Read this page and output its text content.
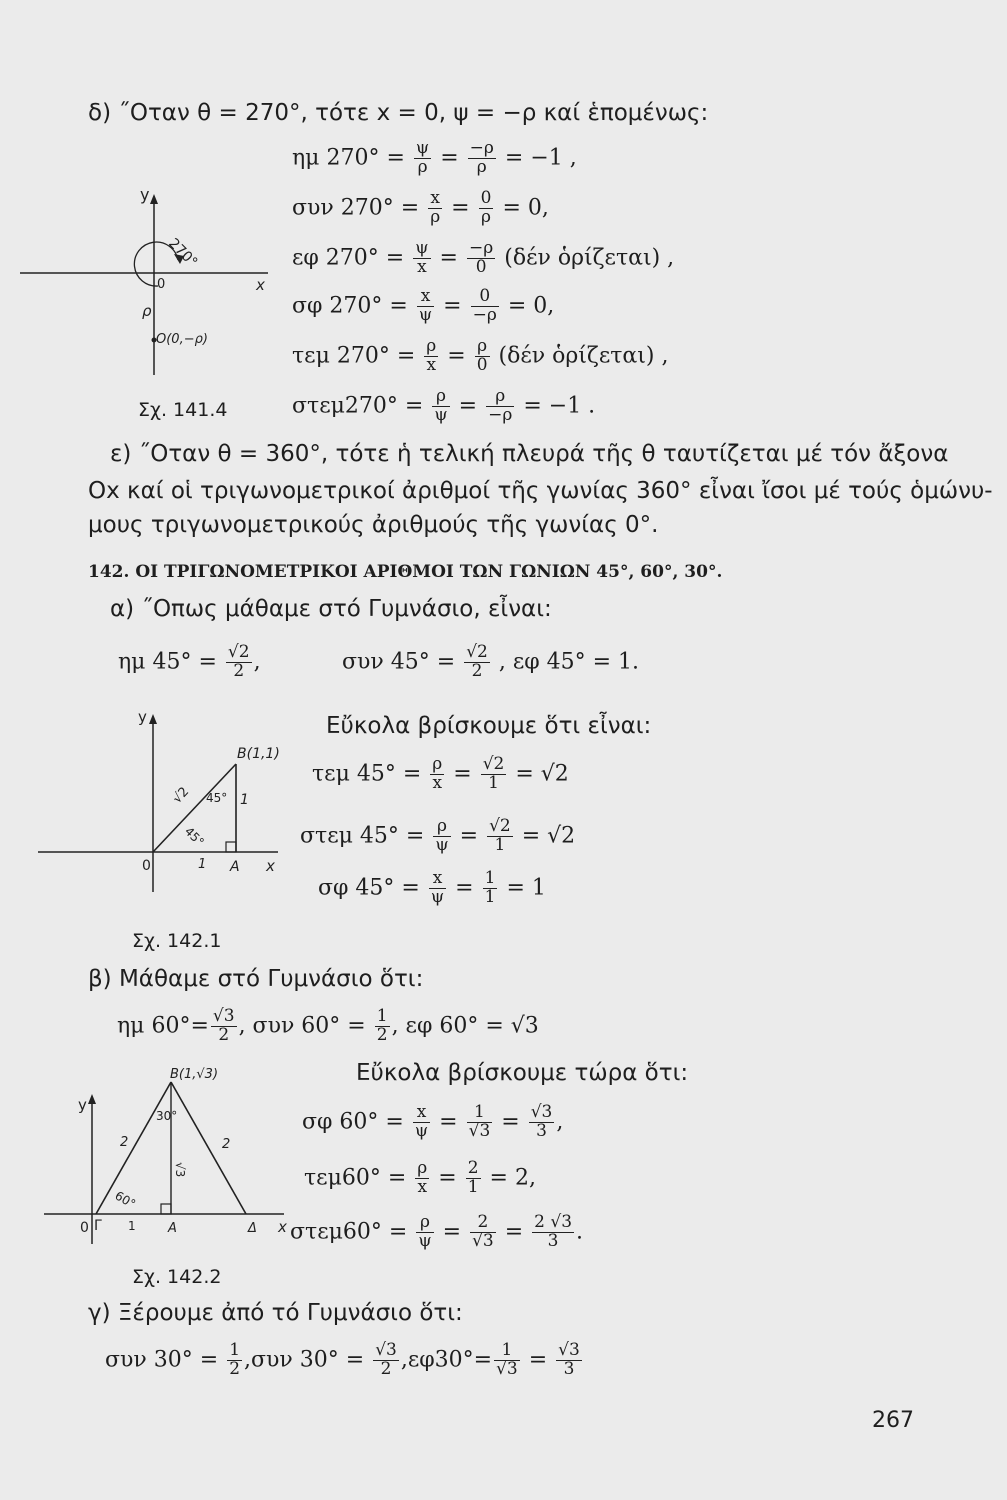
δ) ˝Οταν θ = 270°, τότε x = 0, ψ = −ρ καί ἑπομένως:
ημ $270^\circ = \frac{\psi}{\rho} = \frac{-\rho}{\rho} = -1$ ,
συν $270^\circ = \frac{x}{\rho} = \frac{0}{\rho} = 0$,
εφ $270^\circ = \frac{\psi}{x} = \frac{-\rho}{0} (\delta έ\nu$ ὁρίζεται) ,
σφ $270^\circ = \frac{x}{\psi} = \frac{0}{-\rho} = 0$,
τεμ $270^\circ = \frac{\rho}{x} = \frac{\rho}{0} (\delta έ\nu$ ὁρίζεται) ,
$\sigma\tau\varepsilon\mu 270^\circ = \frac{\rho}{\psi} = \frac{\rho}{-\rho} = -1$ .
y
270°
0	x
ρ
Ο(0,−ρ)
Σχ. 141.4
ε) ˝Οταν θ = 360°, τότε ἡ τελική πλευρά τῆς θ ταυτίζεται μέ τόν ἄξονα
Οx καί οἱ τριγωνομετρικοί ἀριθμοί τῆς γωνίας 360° εἶναι ἴσοι μέ τούς ὁμώνυ-
μους τριγωνομετρικούς ἀριθμούς τῆς γωνίας 0°.
142. ΟΙ ΤΡΙΓΩΝΟΜΕΤΡΙΚΟΙ ΑΡΙΘΜΟΙ ΤΩΝ ΓΩΝΙΩΝ 45°, 60°, 30°.
α) ˝Οπως μάθαμε στό Γυμνάσιο, εἶναι:
ημ $45^\circ = \frac{√2}{2}$ ,	συν $45^\circ = \frac{√2}{2}$ , εφ 45° = 1.
Εὔκολα βρίσκουμε ὅτι εἶναι:
τεμ $45^\circ = \frac{\rho}{x} = \frac{√2}{1} = √2$
στεμ $45^\circ = \frac{\rho}{\psi} = \frac{√2}{1} = √2$
σφ $45^\circ = \frac{x}{\psi} = \frac{1}{1} = 1$
y
B(1,1)
√2 45°
45°
1
0	1 A x
Σχ. 142.1
β) Μάθαμε στό Γυμνάσιο ὅτι:
ημ $60^\circ= \frac{√3}{2}$ , συν $60^\circ = \frac{1}{2}$ , εφ 60° = √3
Εὔκολα βρίσκουμε τώρα ὅτι:
σφ $60^\circ = \frac{x}{\psi} = \frac{1}{√3} = \frac{√3}{3}$ ,
$\tau\varepsilon\mu 60^\circ = \frac{\rho}{x} = \frac{2}{1} = 2$,
$\sigma\tau\varepsilon\mu 60^\circ = \frac{\rho}{\psi} = \frac{2}{√3} = \frac{2 √3}{3}$ .
B(1,√3)
y
30°
2
√3
2
60°
0 Γ 1 A	Δ x
Σχ. 142.2
γ) Ξέρουμε ἀπό τό Γυμνάσιο ὅτι:
συν $30^\circ = \frac{1}{2} ,\sigma\upsilon\nu$ $30^\circ = \frac{√3}{2} ,\varepsilon\varphi 30^\circ= \frac{1}{√3} = \frac{√3}{3}$
267
